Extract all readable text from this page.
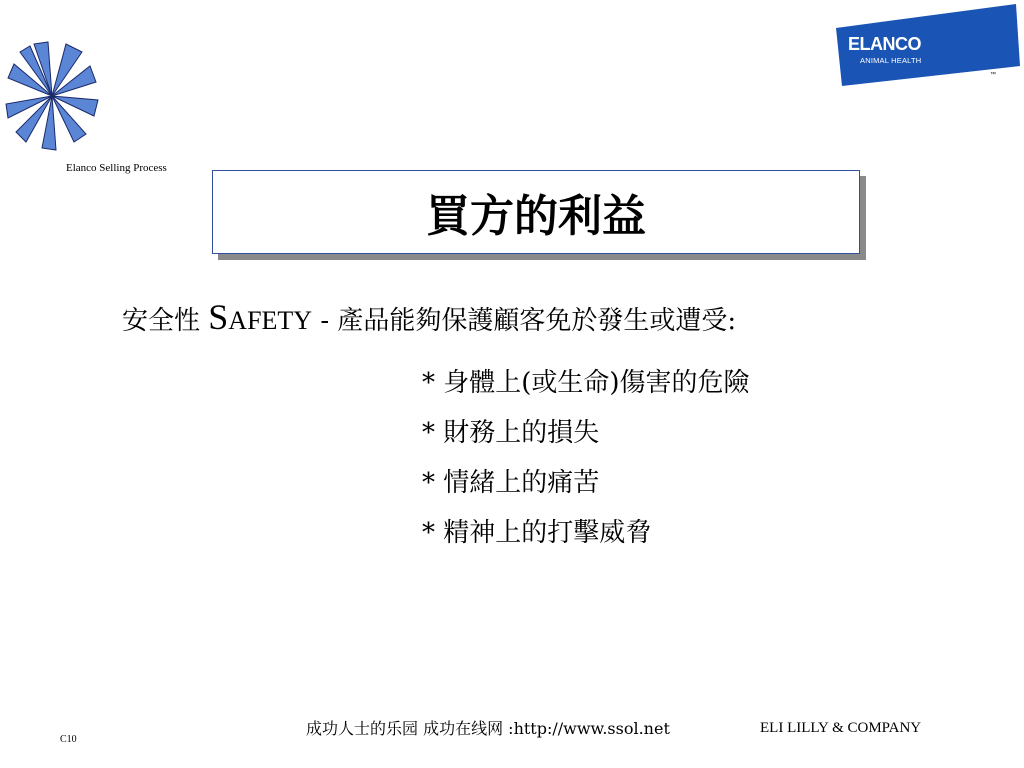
ELANCO
ANIMAL HEALTH
™
Elanco Selling Process
買方的利益
安全性 SAFETY - 產品能夠保護顧客免於發生或遭受:
* 身體上(或生命)傷害的危險
* 財務上的損失
* 情緒上的痛苦
* 精神上的打擊威脅
成功人士的乐园 成功在线网 :http://www.ssol.net	ELI LILLY & COMPANY
C10
